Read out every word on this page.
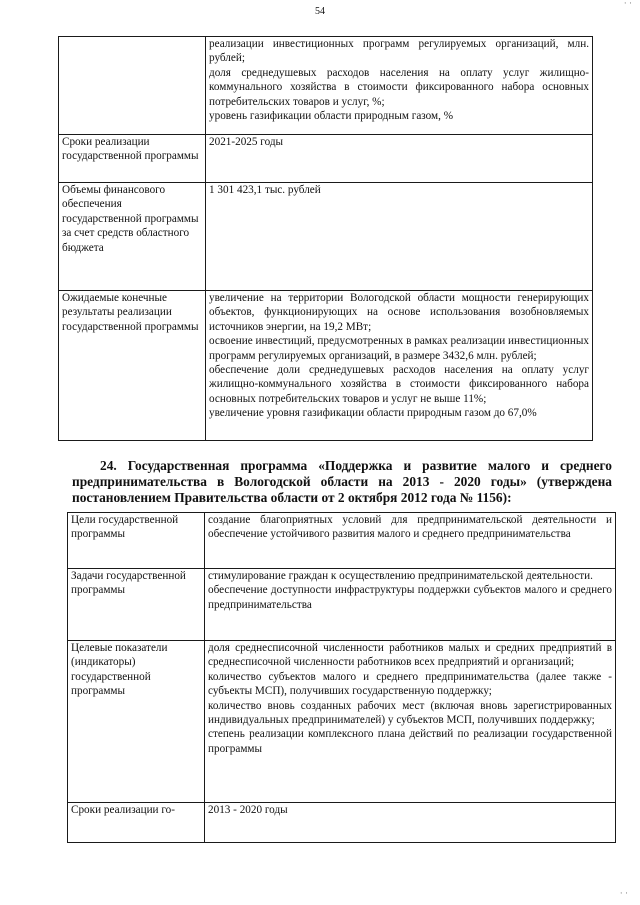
54
· ·

	реализации инвестиционных программ регулируемых организаций, млн. рублей;

доля среднедушевых расходов населения на оплату услуг жилищно-коммунального хозяйства в стоимости фиксированного набора основных потребительских товаров и услуг, %;

уровень газификации области природным газом, %

Сроки реализации государственной программы	2021-2025 годы

Объемы финансового обеспечения государственной программы за счет средств областного бюджета	1 301 423,1 тыс. рублей

Ожидаемые конечные результаты реализации государственной программы	увеличение на территории Вологодской области мощности генерирующих объектов, функционирующих на основе использования возобновляемых источников энергии, на 19,2 МВт;

освоение инвестиций, предусмотренных в рамках реализации инвестиционных программ регулируемых организаций, в размере 3432,6 млн. рублей;

обеспечение доли среднедушевых расходов населения на оплату услуг жилищно-коммунального хозяйства в стоимости фиксированного набора основных потребительских товаров и услуг не выше 11%;

увеличение уровня газификации области природным газом до 67,0%

24. Государственная программа «Поддержка и развитие малого и среднего предпринимательства в Вологодской области на 2013 - 2020 годы» (утверждена постановлением Правительства области от 2 октября 2012 года № 1156):
Цели государственной программы	создание благоприятных условий для предпринимательской деятельности и обеспечение устойчивого развития малого и среднего предпринимательства

Задачи государственной программы	стимулирование граждан к осуществлению предпринимательской деятельности.

обеспечение доступности инфраструктуры поддержки субъектов малого и среднего предпринимательства

Целевые показатели (индикаторы) государственной программы	доля среднесписочной численности работников малых и средних предприятий в среднесписочной численности работников всех предприятий и организаций;

количество субъектов малого и среднего предпринимательства (далее также - субъекты МСП), получивших государственную поддержку;

количество вновь созданных рабочих мест (включая вновь зарегистрированных индивидуальных предпринимателей) у субъектов МСП, получивших поддержку;

степень реализации комплексного плана действий по реализации государственной программы

Сроки реализации го-	2013 - 2020 годы

· ·
